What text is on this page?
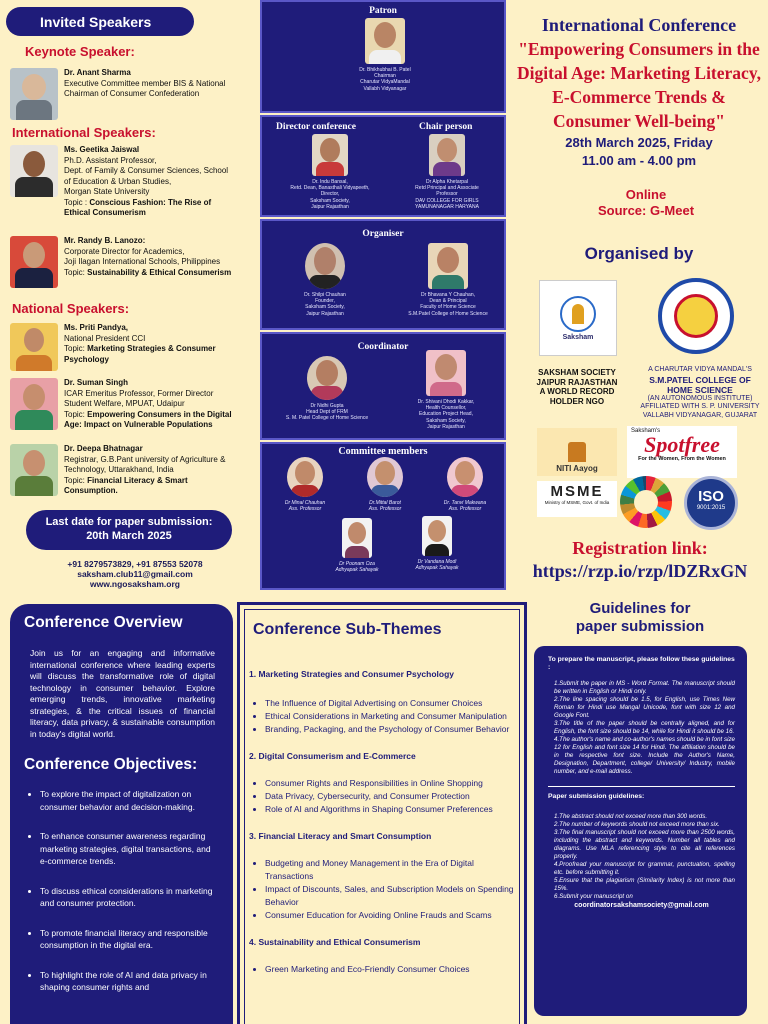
Invited Speakers
Keynote Speaker:
Dr. Anant Sharma
Executive Committee member BIS & National
Chairman of Consumer Confederation
International Speakers:
Ms. Geetika Jaiswal
Ph.D. Assistant Professor,
Dept. of Family & Consumer Sciences, School
of Education & Urban Studies,
Morgan State University
Topic : Conscious Fashion: The Rise of
Ethical Consumerism
Mr. Randy B. Lanozo:
Corporate Director for Academics,
Joji Ilagan International Schools, Philippines
Topic: Sustainability & Ethical Consumerism
National Speakers:
Ms. Priti Pandya,
National President CCI
Topic: Marketing Strategies & Consumer
Psychology
Dr. Suman Singh
ICAR Emeritus Professor, Former Director
Student Welfare, MPUAT, Udaipur
Topic: Empowering Consumers in the Digital
Age: Impact on Vulnerable Populations
Dr. Deepa Bhatnagar
Registrar, G.B.Pant university of Agriculture &
Technology, Uttarakhand, India
Topic: Financial Literacy & Smart
Consumption.
Last date for paper submission:
20th March 2025
+91 8279573829, +91 87553 52078
saksham.club11@gmail.com
www.ngosaksham.org
Patron
Dr. Bhikhubhai B. Patel
Chairman
Charutar VidyaMandal
Vallabh Vidyanagar
Director conference	Chair person
Dr. Indu Bansal,
Retd. Dean, Banasthali Vidyapeeth,
Director,
Saksham Society,
Jaipur Rajasthan
Dr Alpha Khetarpal
Retd Principal and Associate
Professor
DAV COLLEGE FOR GIRLS
YAMUNANAGAR HARYANA
Organiser
Dr. Shilpi Chauhan
Founder,
Saksham Society,
Jaipur Rajasthan
Dr Bhavana Y Chauhan,
Dean & Principal
Faculty of Home Science
S.M.Patel College of Home Science
Coordinator
Dr Nidhi Gupta
Head Dept of FRM
S. M. Patel College of Home Science
Dr. Shivani Dhodi Kakkar,
Health Counsellor,
Education Project Head,
Saksham Society,
Jaipur Rajasthan
Committee members
Dr Minal Chauhan
Ass. Professor
Dr.Mittal Barot
Ass. Professor
Dr. Tanvi Makwana
Ass. Professor
Dr Poonam Oza
Adhyapak Sahayak
Dr Vandana Modi
Adhyapak Sahayak
International Conference
"Empowering Consumers in the
Digital Age: Marketing Literacy,
E-Commerce Trends &
Consumer Well-being"
28th March 2025, Friday
11.00 am - 4.00 pm
Online
Source: G-Meet
Organised by
Saksham
SAKSHAM SOCIETY
JAIPUR RAJASTHAN
A WORLD RECORD
HOLDER NGO
A CHARUTAR VIDYA MANDAL'S
S.M.PATEL COLLEGE OF
HOME SCIENCE
(AN AUTONOMOUS INSTITUTE)
AFFILIATED WITH S. P. UNIVERSITY
VALLABH VIDYANAGAR, GUJARAT
NITI Aayog
Saksham's
Spotfree
For the Women, From the Women
MSME
Ministry of MSME, Govt. of India	ISO
9001:2015
Registration link:
https://rzp.io/rzp/lDZRxGN
Conference Overview
Join us for an engaging and informative international conference where leading experts will discuss the transformative role of digital technology in consumer behavior. Explore emerging trends, innovative marketing strategies, & the critical issues of financial literacy, data privacy, & sustainable consumption in today's digital world.
Conference Objectives:
• To explore the impact of digitalization on consumer behavior and decision-making.
• To enhance consumer awareness regarding marketing strategies, digital transactions, and e-commerce trends.
• To discuss ethical considerations in marketing and consumer protection.
• To promote financial literacy and responsible consumption in the digital era.
• To highlight the role of AI and data privacy in shaping consumer rights and
Conference Sub-Themes
1. Marketing Strategies and Consumer Psychology
• The Influence of Digital Advertising on Consumer Choices
• Ethical Considerations in Marketing and Consumer Manipulation
• Branding, Packaging, and the Psychology of Consumer Behavior
2. Digital Consumerism and E-Commerce
• Consumer Rights and Responsibilities in Online Shopping
• Data Privacy, Cybersecurity, and Consumer Protection
• Role of AI and Algorithms in Shaping Consumer Preferences
3. Financial Literacy and Smart Consumption
• Budgeting and Money Management in the Era of Digital Transactions
• Impact of Discounts, Sales, and Subscription Models on Spending Behavior
• Consumer Education for Avoiding Online Frauds and Scams
4. Sustainability and Ethical Consumerism
• Green Marketing and Eco-Friendly Consumer Choices
Guidelines for
paper submission
To prepare the manuscript, please follow these guidelines :
1.Submit the paper in MS - Word Format. The manuscript should be written in English or Hindi only.
2.The line spacing should be 1.5, for English, use Times New Roman for Hindi use Mangal Unicode, font with size 12 and Google Font.
3.The title of the paper should be centrally aligned, and for English, the font size should be 14, while for Hindi it should be 16.
4.The author's name and co-author's names should be in font size 12 for English and font size 14 for Hindi. The affiliation should be in the respective font size. Include the Author's Name, Designation, Department, college/ University/ Industry, mobile number, and e-mail address.
Paper submission guidelines:
1.The abstract should not exceed more than 300 words.
2.The number of keywords should not exceed more than six.
3.The final manuscript should not exceed more than 2500 words, including the abstract and keywords. Number all tables and diagrams. Use MLA referencing style to cite all references properly.
4.Proofread your manuscript for grammar, punctuation, spelling etc. before submitting it.
5.Ensure that the plagiarism (Similarity Index) is not more than 15%.
6.Submit your manuscript on
coordinatorsakshamsociety@gmail.com
